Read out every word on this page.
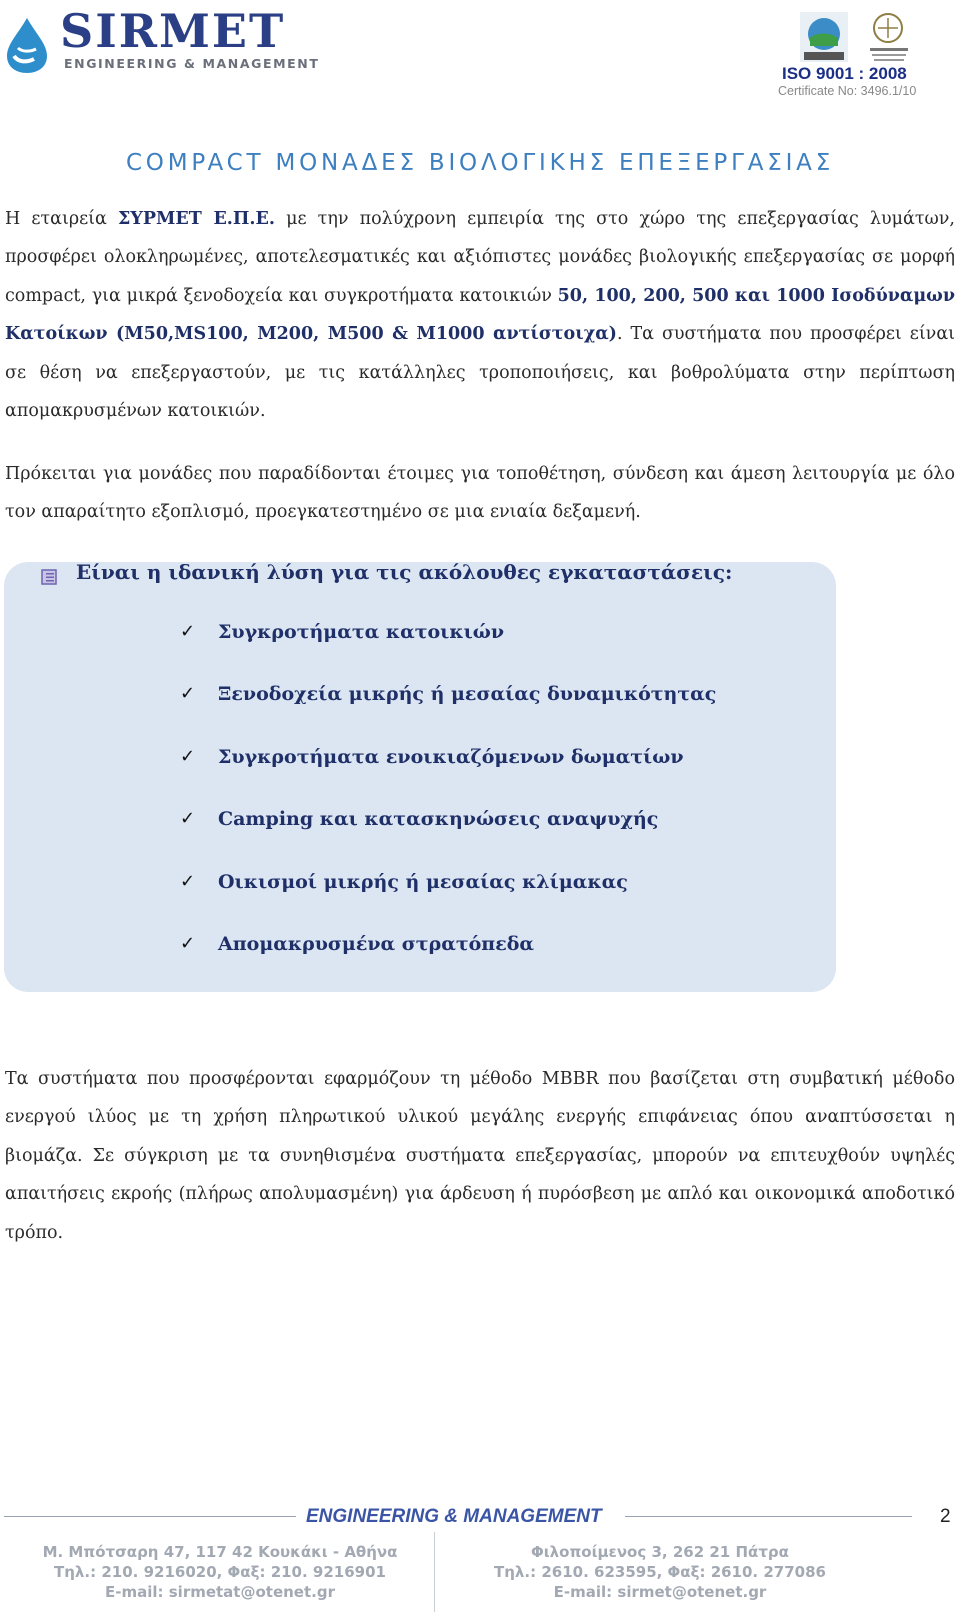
SIRMET
ENGINEERING & MANAGEMENT
ISO 9001 : 2008
Certificate No: 3496.1/10
COMPACT ΜΟΝΑΔΕΣ ΒΙΟΛΟΓΙΚΗΣ ΕΠΕΞΕΡΓΑΣΙΑΣ
Η εταιρεία ΣΥΡΜΕΤ Ε.Π.Ε. με την πολύχρονη εμπειρία της στο χώρο της επεξεργασίας λυμάτων, προσφέρει ολοκληρωμένες, αποτελεσματικές και αξιόπιστες μονάδες βιολογικής επεξεργασίας σε μορφή compact, για μικρά ξενοδοχεία και συγκροτήματα κατοικιών 50, 100, 200, 500 και 1000 Ισοδύναμων Κατοίκων (Μ50,MS100, Μ200, Μ500 & Μ1000 αντίστοιχα). Τα συστήματα που προσφέρει είναι σε θέση να επεξεργαστούν, με τις κατάλληλες τροποποιήσεις, και βοθρολύματα στην περίπτωση απομακρυσμένων κατοικιών.
Πρόκειται για μονάδες που παραδίδονται έτοιμες για τοποθέτηση, σύνδεση και άμεση λειτουργία με όλο τον απαραίτητο εξοπλισμό, προεγκατεστημένο σε μια ενιαία δεξαμενή.
Είναι η ιδανική λύση για τις ακόλουθες εγκαταστάσεις:
✓	Συγκροτήματα κατοικιών
✓	Ξενοδοχεία μικρής ή μεσαίας δυναμικότητας
✓	Συγκροτήματα ενοικιαζόμενων δωματίων
✓	Camping και κατασκηνώσεις αναψυχής
✓	Οικισμοί μικρής ή μεσαίας κλίμακας
✓	Απομακρυσμένα στρατόπεδα
Τα συστήματα που προσφέρονται εφαρμόζουν τη μέθοδο MBBR που βασίζεται στη συμβατική μέθοδο ενεργού ιλύος με τη χρήση πληρωτικού υλικού μεγάλης ενεργής επιφάνειας όπου αναπτύσσεται η βιομάζα. Σε σύγκριση με τα συνηθισμένα συστήματα επεξεργασίας, μπορούν να επιτευχθούν υψηλές απαιτήσεις εκροής (πλήρως απολυμασμένη) για άρδευση ή πυρόσβεση με απλό και οικονομικά αποδοτικό τρόπο.
ENGINEERING & MANAGEMENT	2
Μ. Μπότσαρη 47, 117 42 Κουκάκι - Αθήνα
Τηλ.: 210. 9216020, Φαξ: 210. 9216901
E-mail: sirmetat@otenet.gr
Φιλοποίμενος 3, 262 21 Πάτρα
Τηλ.: 2610. 623595, Φαξ: 2610. 277086
E-mail: sirmet@otenet.gr
